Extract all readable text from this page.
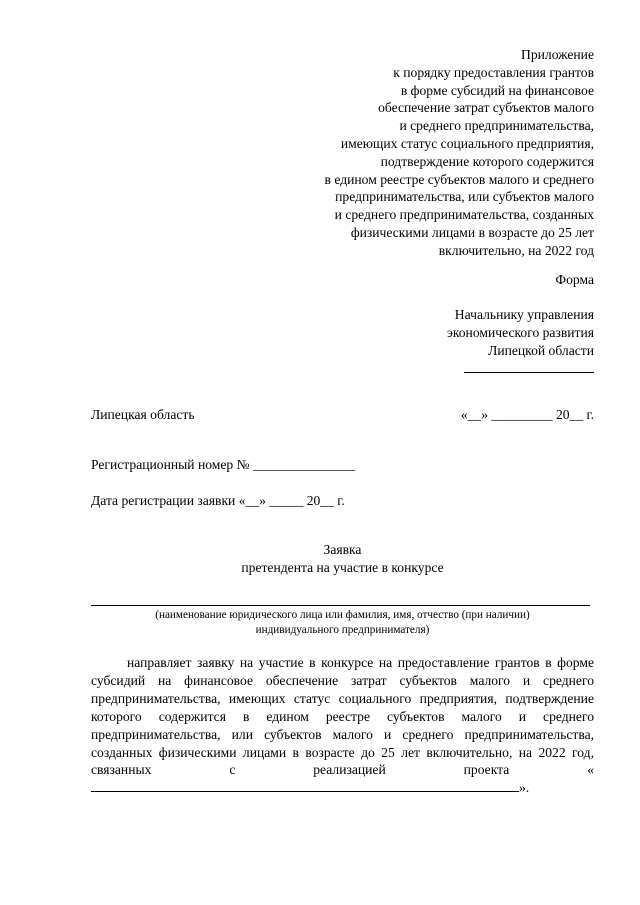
Приложение
к порядку предоставления грантов
в форме субсидий на финансовое
обеспечение затрат субъектов малого
и среднего предпринимательства,
имеющих статус социального предприятия,
подтверждение которого содержится
в едином реестре субъектов малого и среднего
предпринимательства, или субъектов малого
и среднего предпринимательства, созданных
физическими лицами в возрасте до 25 лет
включительно, на 2022 год
Форма
Начальнику управления
экономического развития
Липецкой области
Липецкая область	«__» _________ 20__ г.
Регистрационный номер № _______________
Дата регистрации заявки «__» _____ 20__ г.
Заявка
претендента на участие в конкурсе
(наименование юридического лица или фамилия, имя, отчество (при наличии)
индивидуального предпринимателя)
направляет заявку на участие в конкурсе на предоставление грантов в форме субсидий на финансовое обеспечение затрат субъектов малого и среднего предпринимательства, имеющих статус социального предприятия, подтверждение которого содержится в едином реестре субъектов малого и среднего предпринимательства, или субъектов малого и среднего предпринимательства, созданных физическими лицами в возрасте до 25 лет включительно, на 2022 год, связанных с реализацией проекта	«».
